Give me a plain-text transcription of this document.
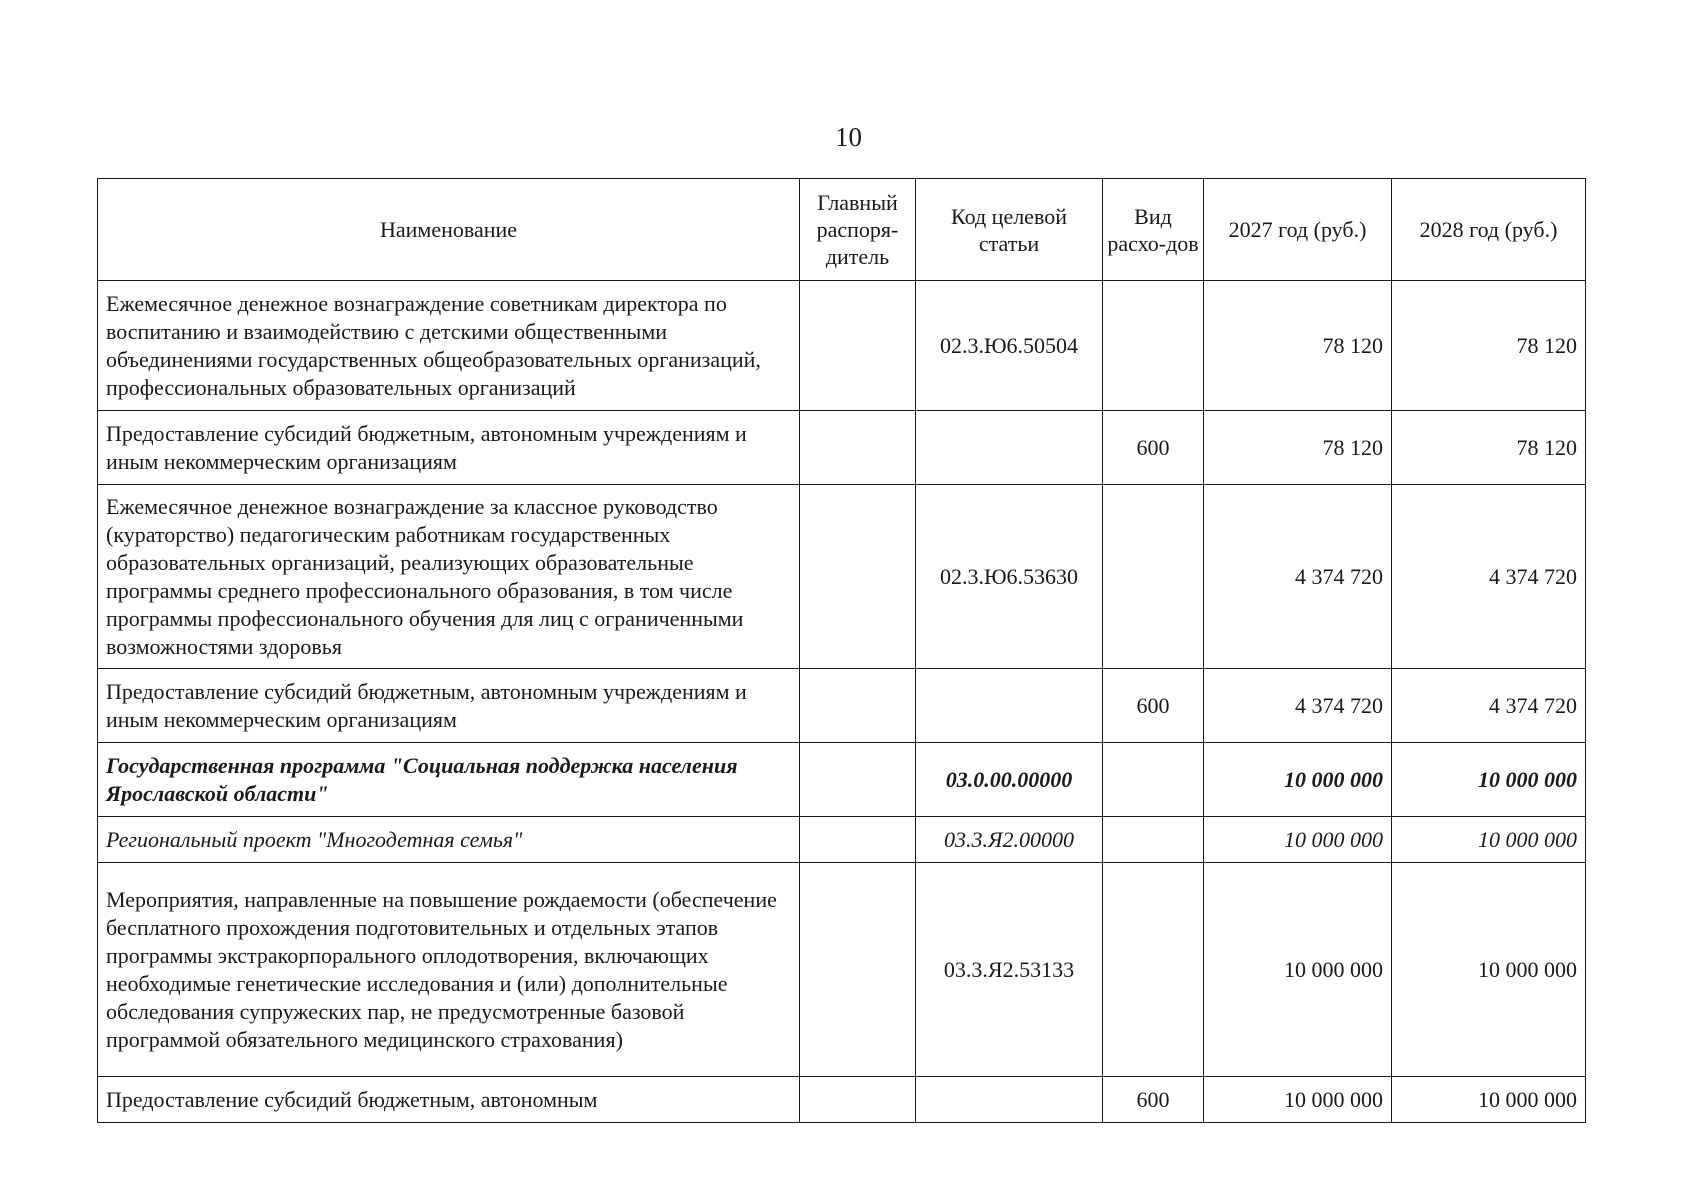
10
Наименование	Главный распоря-дитель	Код целевой статьи	Вид расхо-дов	2027 год (руб.)	2028 год (руб.)
Ежемесячное денежное вознаграждение советникам директора по воспитанию и взаимодействию с детскими общественными объединениями государственных общеобразовательных организаций, профессиональных образовательных организаций		02.3.Ю6.50504		78 120	78 120
Предоставление субсидий бюджетным, автономным учреждениям и иным некоммерческим организациям			600	78 120	78 120
Ежемесячное денежное вознаграждение за классное руководство (кураторство) педагогическим работникам государственных образовательных организаций, реализующих образовательные программы среднего профессионального образования, в том числе программы профессионального обучения для лиц с ограниченными возможностями здоровья		02.3.Ю6.53630		4 374 720	4 374 720
Предоставление субсидий бюджетным, автономным учреждениям и иным некоммерческим организациям			600	4 374 720	4 374 720
Государственная программа "Социальная поддержка населения Ярославской области"		03.0.00.00000		10 000 000	10 000 000
Региональный проект "Многодетная семья"		03.3.Я2.00000		10 000 000	10 000 000
Мероприятия, направленные на повышение рождаемости (обеспечение бесплатного прохождения подготовительных и отдельных этапов программы экстракорпорального оплодотворения, включающих необходимые генетические исследования и (или) дополнительные обследования супружеских пар, не предусмотренные базовой программой обязательного медицинского страхования)		03.3.Я2.53133		10 000 000	10 000 000
Предоставление субсидий бюджетным, автономным			600	10 000 000	10 000 000
